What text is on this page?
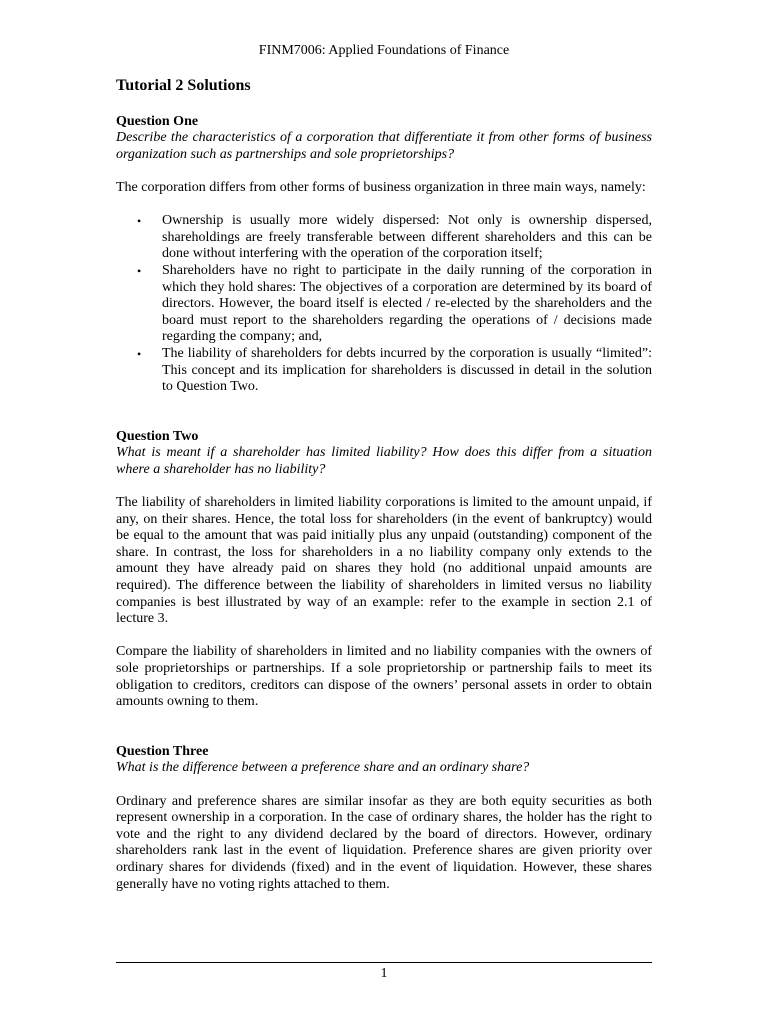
FINM7006: Applied Foundations of Finance
Tutorial 2 Solutions
Question One
Describe the characteristics of a corporation that differentiate it from other forms of business organization such as partnerships and sole proprietorships?

The corporation differs from other forms of business organization in three main ways, namely:

• Ownership is usually more widely dispersed: Not only is ownership dispersed, shareholdings are freely transferable between different shareholders and this can be done without interfering with the operation of the corporation itself;
• Shareholders have no right to participate in the daily running of the corporation in which they hold shares: The objectives of a corporation are determined by its board of directors. However, the board itself is elected / re-elected by the shareholders and the board must report to the shareholders regarding the operations of / decisions made regarding the company; and,
• The liability of shareholders for debts incurred by the corporation is usually “limited”: This concept and its implication for shareholders is discussed in detail in the solution to Question Two.
Question Two
What is meant if a shareholder has limited liability? How does this differ from a situation where a shareholder has no liability?

The liability of shareholders in limited liability corporations is limited to the amount unpaid, if any, on their shares. Hence, the total loss for shareholders (in the event of bankruptcy) would be equal to the amount that was paid initially plus any unpaid (outstanding) component of the share. In contrast, the loss for shareholders in a no liability company only extends to the amount they have already paid on shares they hold (no additional unpaid amounts are required). The difference between the liability of shareholders in limited versus no liability companies is best illustrated by way of an example: refer to the example in section 2.1 of lecture 3.

Compare the liability of shareholders in limited and no liability companies with the owners of sole proprietorships or partnerships. If a sole proprietorship or partnership fails to meet its obligation to creditors, creditors can dispose of the owners’ personal assets in order to obtain amounts owning to them.

Question Three
What is the difference between a preference share and an ordinary share?

Ordinary and preference shares are similar insofar as they are both equity securities as both represent ownership in a corporation. In the case of ordinary shares, the holder has the right to vote and the right to any dividend declared by the board of directors. However, ordinary shareholders rank last in the event of liquidation. Preference shares are given priority over ordinary shares for dividends (fixed) and in the event of liquidation. However, these shares generally have no voting rights attached to them.

1
